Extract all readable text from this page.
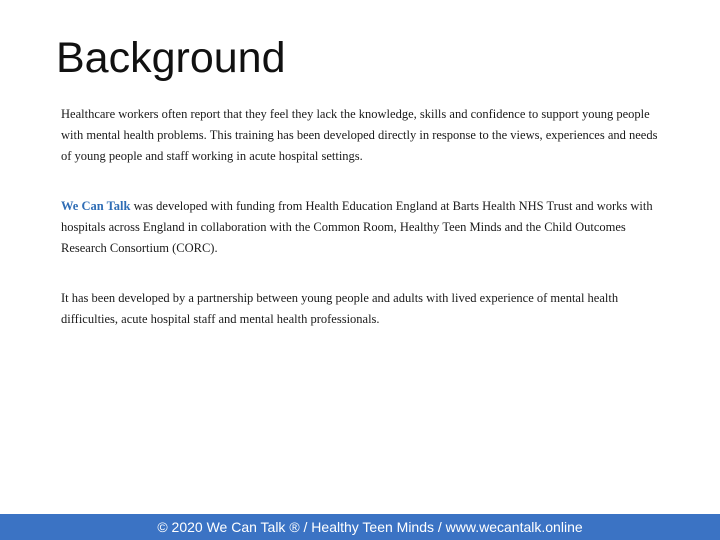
Background

Healthcare workers often report that they feel they lack the knowledge, skills and confidence to support young people with mental health problems. This training has been developed directly in response to the views, experiences and needs of young people and staff working in acute hospital settings.

We Can Talk was developed with funding from Health Education England at Barts Health NHS Trust and works with hospitals across England in collaboration with the Common Room, Healthy Teen Minds and the Child Outcomes Research Consortium (CORC).

It has been developed by a partnership between young people and adults with lived experience of mental health difficulties, acute hospital staff and mental health professionals.

© 2020 We Can Talk ® / Healthy Teen Minds / www.wecantalk.online
